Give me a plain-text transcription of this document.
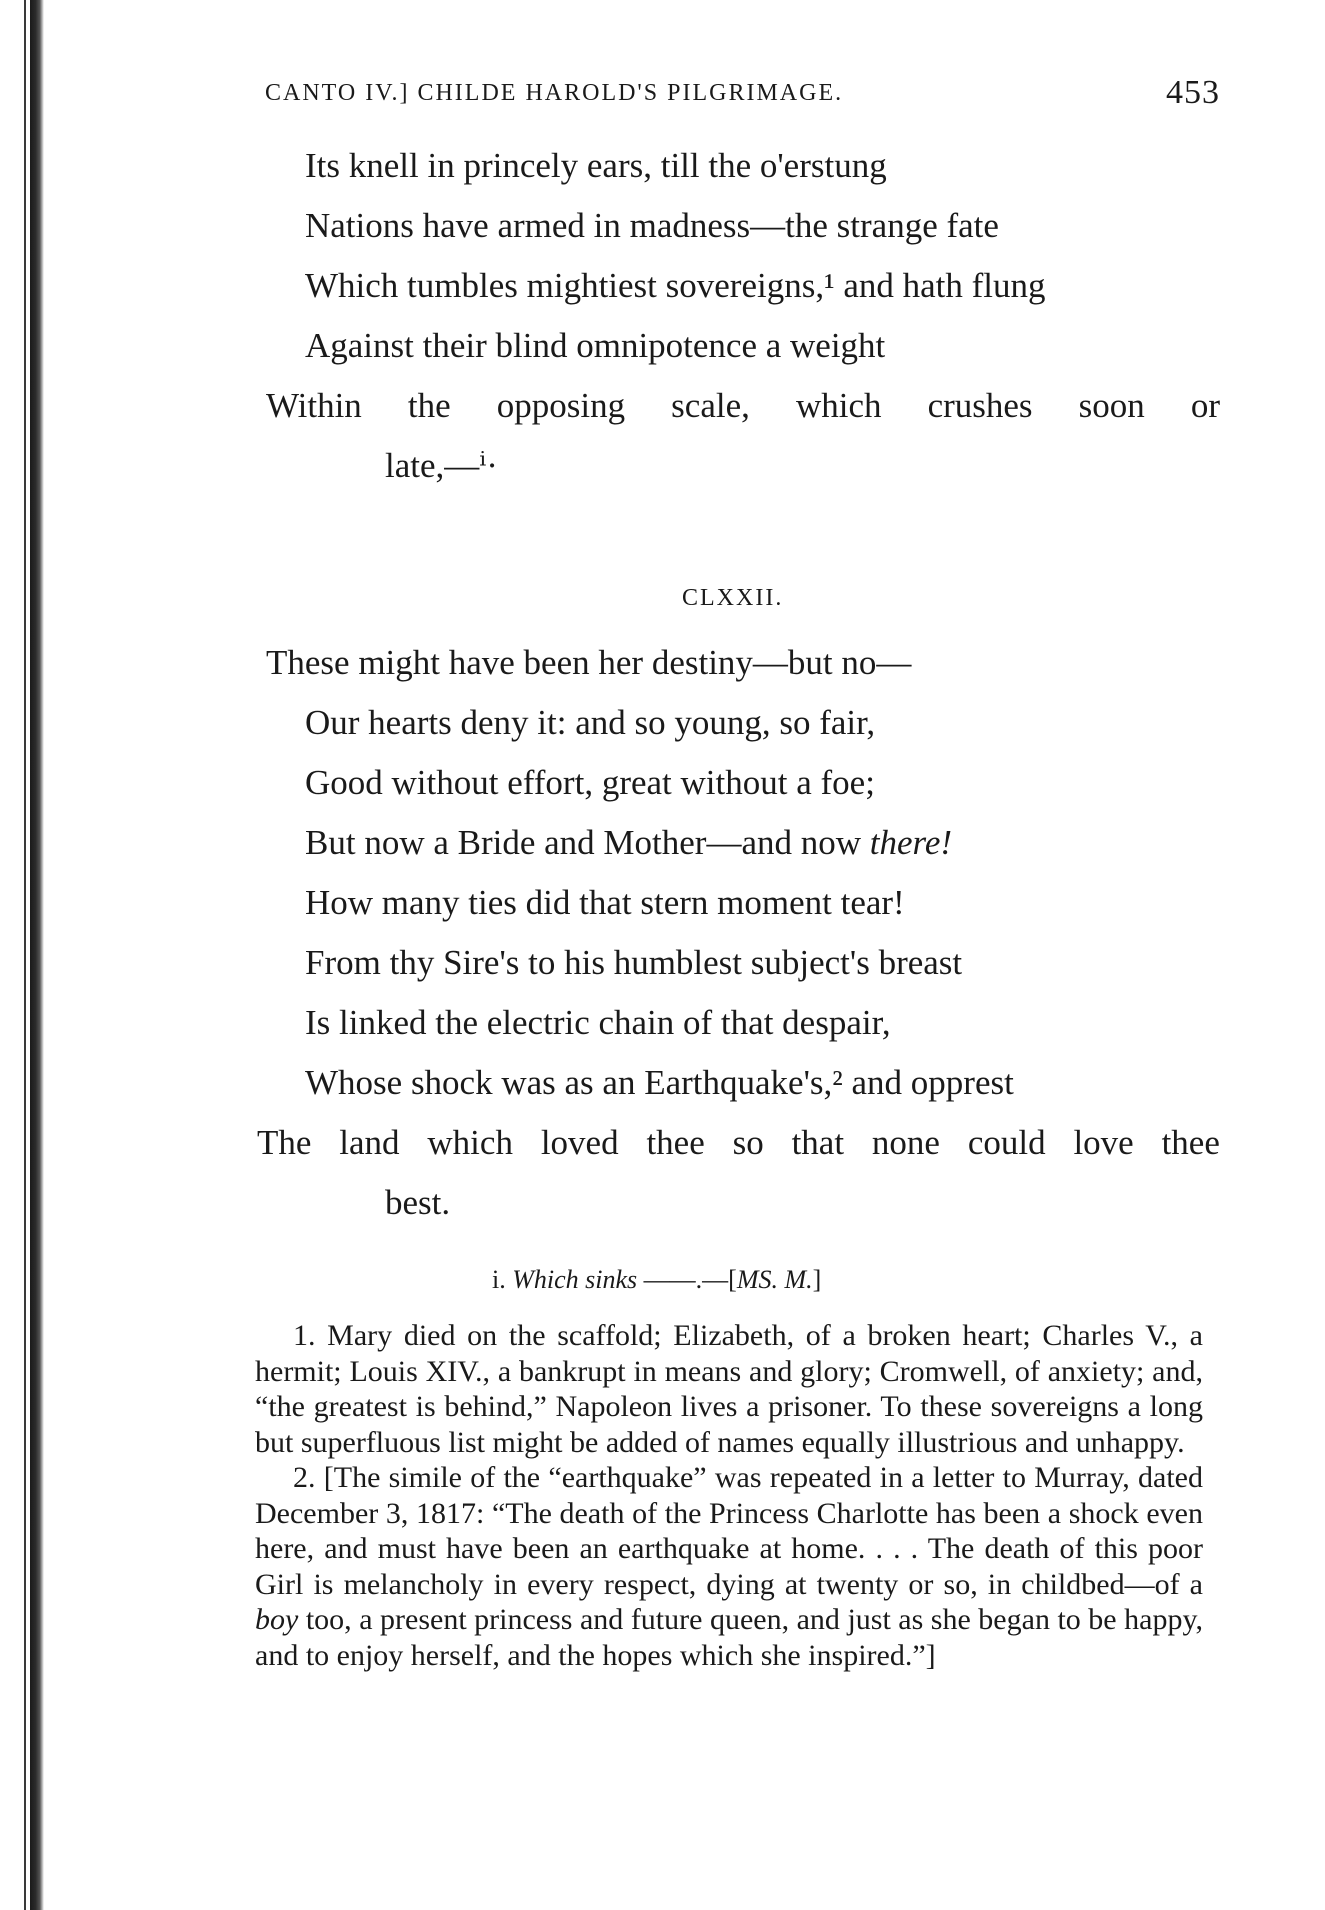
CANTO IV.] CHILDE HAROLD'S PILGRIMAGE.	453
Its knell in princely ears, till the o'erstung
Nations have armed in madness—the strange fate
Which tumbles mightiest sovereigns,¹ and hath flung
Against their blind omnipotence a weight
Within the opposing scale, which crushes soon or
late,—ⁱ·
CLXXII.
These might have been her destiny—but no—
Our hearts deny it: and so young, so fair,
Good without effort, great without a foe;
But now a Bride and Mother—and now there!
How many ties did that stern moment tear!
From thy Sire's to his humblest subject's breast
Is linked the electric chain of that despair,
Whose shock was as an Earthquake's,² and opprest
The land which loved thee so that none could love thee
best.
i. Which sinks ——.—[MS. M.]

1. Mary died on the scaffold; Elizabeth, of a broken heart; Charles V., a hermit; Louis XIV., a bankrupt in means and glory; Cromwell, of anxiety; and, “the greatest is behind,” Napoleon lives a prisoner. To these sovereigns a long but superfluous list might be added of names equally illustrious and unhappy.

2. [The simile of the “earthquake” was repeated in a letter to Murray, dated December 3, 1817: “The death of the Princess Charlotte has been a shock even here, and must have been an earthquake at home. . . . The death of this poor Girl is melancholy in every respect, dying at twenty or so, in childbed—of a boy too, a present princess and future queen, and just as she began to be happy, and to enjoy herself, and the hopes which she inspired.”]
